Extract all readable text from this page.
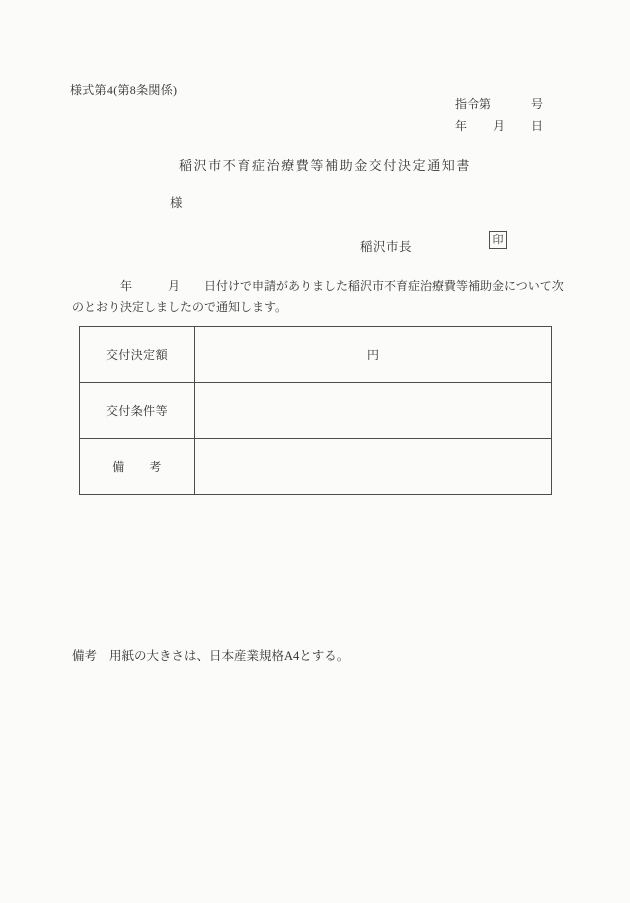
様式第4(第8条関係)
指令第	号
年 月 日
稲沢市不育症治療費等補助金交付決定通知書
様
稲沢市長
印
　　　　年　　　月　　日付けで申請がありました稲沢市不育症治療費等補助金について次
のとおり決定しましたので通知します。
交付決定額	円
交付条件等	
備　　考	
備考 用紙の大きさは、日本産業規格A4とする。
